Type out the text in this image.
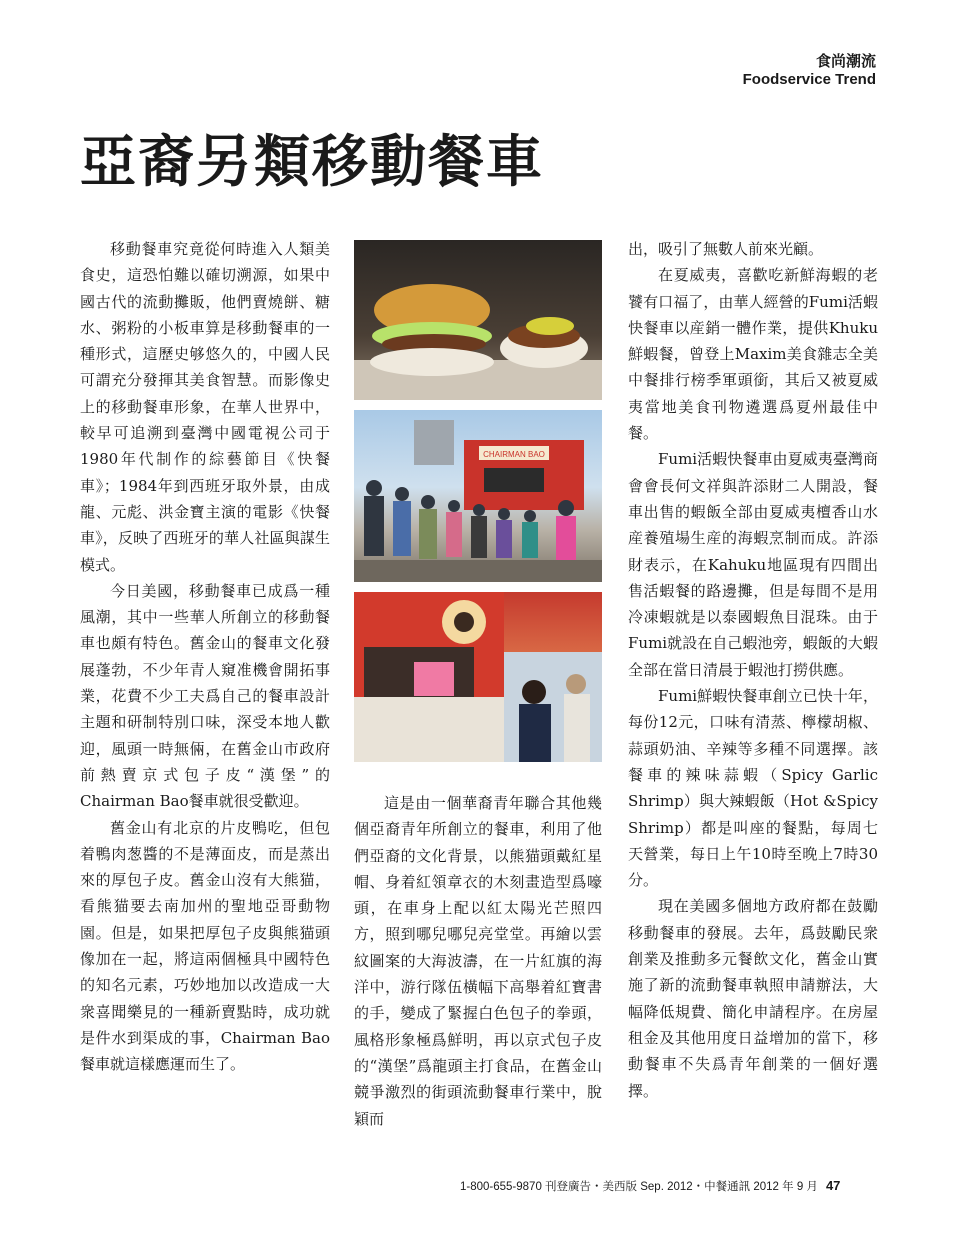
食尚潮流
Foodservice Trend
亞裔另類移動餐車

移動餐車究竟從何時進入人類美食史，這恐怕難以確切溯源，如果中國古代的流動攤販，他們賣燒餅、糖水、粥粉的小板車算是移動餐車的一種形式，這歷史够悠久的，中國人民可謂充分發揮其美食智慧。而影像史上的移動餐車形象，在華人世界中，較早可追溯到臺灣中國電視公司于1980年代制作的綜藝節目《快餐車》；1984年到西班牙取外景，由成龍、元彪、洪金寶主演的電影《快餐車》，反映了西班牙的華人社區與謀生模式。

今日美國，移動餐車已成爲一種風潮，其中一些華人所創立的移動餐車也頗有特色。舊金山的餐車文化發展蓬勃，不少年青人窺准機會開拓事業，花費不少工夫爲自己的餐車設計主題和研制特別口味，深受本地人歡迎，風頭一時無倆，在舊金山市政府前熱賣京式包子皮“漢堡”的Chairman Bao餐車就很受歡迎。

舊金山有北京的片皮鴨吃，但包着鴨肉葱醬的不是薄面皮，而是蒸出來的厚包子皮。舊金山沒有大熊猫，看熊猫要去南加州的聖地亞哥動物園。但是，如果把厚包子皮與熊猫頭像加在一起，將這兩個極具中國特色的知名元素，巧妙地加以改造成一大衆喜聞樂見的一種新賣點時，成功就是件水到渠成的事，Chairman Bao餐車就這樣應運而生了。

CHAIRMAN BAO

這是由一個華裔青年聯合其他幾個亞裔青年所創立的餐車，利用了他們亞裔的文化背景，以熊猫頭戴紅星帽、身着紅領章衣的木刻畫造型爲嚎頭，在車身上配以紅太陽光芒照四方，照到哪兒哪兒亮堂堂。再繪以雲紋圖案的大海波濤，在一片紅旗的海洋中，游行隊伍橫幅下高舉着紅寶書的手，變成了緊握白色包子的拳頭，風格形象極爲鮮明，再以京式包子皮的“漢堡”爲龍頭主打食品，在舊金山競爭激烈的街頭流動餐車行業中，脫穎而

出，吸引了無數人前來光顧。

在夏威夷，喜歡吃新鮮海蝦的老饕有口福了，由華人經營的Fumi活蝦快餐車以産銷一體作業，提供Khuku鮮蝦餐，曾登上Maxim美食雜志全美中餐排行榜季軍頭銜，其后又被夏威夷當地美食刊物遴選爲夏州最佳中餐。

Fumi活蝦快餐車由夏威夷臺灣商會會長何文祥與許添財二人開設，餐車出售的蝦飯全部由夏威夷檀香山水産養殖場生産的海蝦烹制而成。許添財表示，在Kahuku地區現有四間出售活蝦餐的路邊攤，但是每間不是用冷凍蝦就是以泰國蝦魚目混珠。由于Fumi就設在自己蝦池旁，蝦飯的大蝦全部在當日清晨于蝦池打撈供應。

Fumi鮮蝦快餐車創立已快十年，每份12元，口味有清蒸、檸檬胡椒、蒜頭奶油、辛辣等多種不同選擇。該餐車的辣味蒜蝦（Spicy Garlic Shrimp）與大辣蝦飯（Hot &Spicy Shrimp）都是叫座的餐點，每周七天營業，每日上午10時至晚上7時30分。

現在美國多個地方政府都在鼓勵移動餐車的發展。去年，爲鼓勵民衆創業及推動多元餐飲文化，舊金山實施了新的流動餐車執照申請辦法，大幅降低規費、簡化申請程序。在房屋租金及其他用度日益增加的當下，移動餐車不失爲青年創業的一個好選擇。

1-800-655-9870 刊登廣告・美西版 Sep. 2012・中餐通訊 2012 年 9 月 47
